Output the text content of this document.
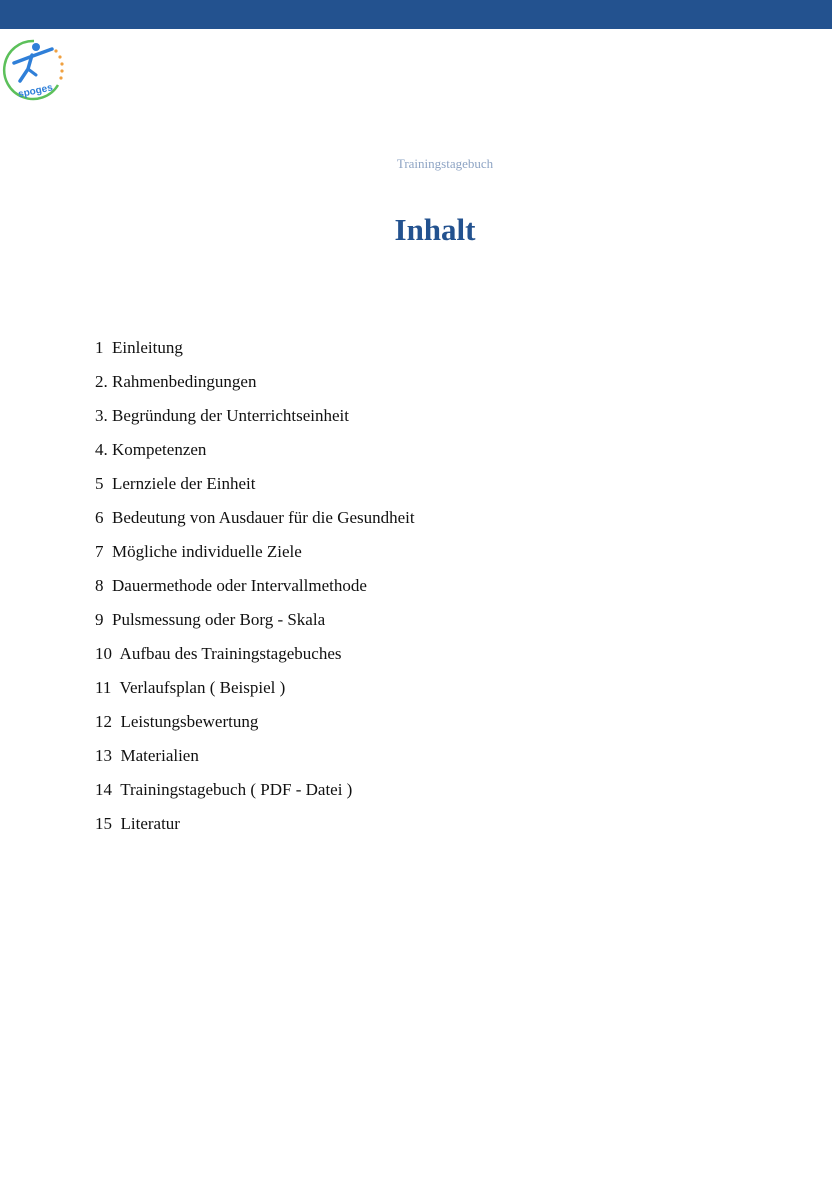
spoges
Trainingstagebuch
Inhalt
1  Einleitung
2. Rahmenbedingungen
3. Begründung der Unterrichtseinheit
4. Kompetenzen
5  Lernziele der Einheit
6  Bedeutung von Ausdauer für die Gesundheit
7  Mögliche individuelle Ziele
8  Dauermethode oder Intervallmethode
9  Pulsmessung oder Borg - Skala
10  Aufbau des Trainingstagebuches
11  Verlaufsplan ( Beispiel )
12  Leistungsbewertung
13  Materialien
14  Trainingstagebuch ( PDF - Datei )
15  Literatur
